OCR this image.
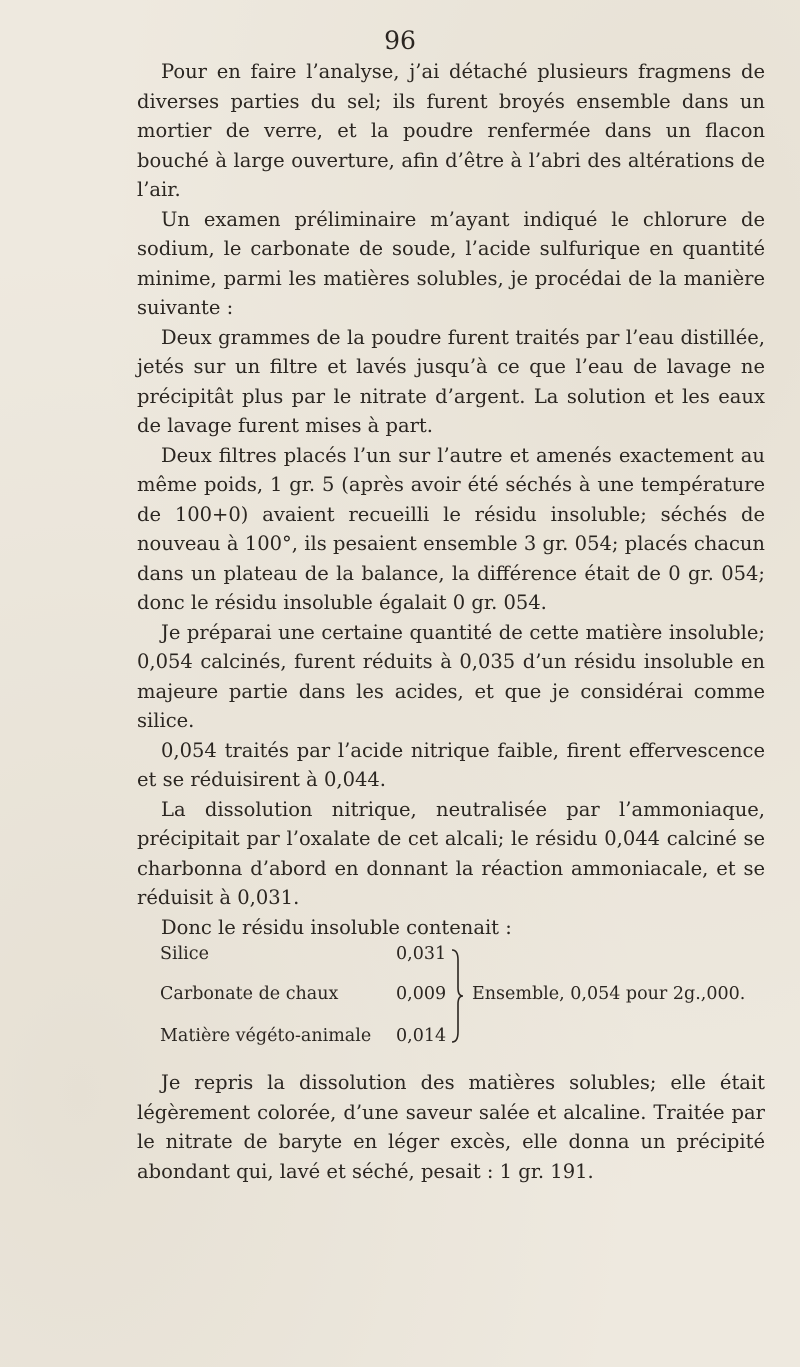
96

Pour en faire l’analyse, j’ai détaché plusieurs fragmens de diverses parties du sel; ils furent broyés ensemble dans un mortier de verre, et la poudre renfermée dans un flacon bouché à large ouverture, afin d’être à l’abri des altérations de l’air.

Un examen préliminaire m’ayant indiqué le chlorure de sodium, le carbonate de soude, l’acide sulfurique en quantité minime, parmi les matières solubles, je procédai de la manière suivante :

Deux grammes de la poudre furent traités par l’eau distillée, jetés sur un filtre et lavés jusqu’à ce que l’eau de lavage ne précipitât plus par le nitrate d’argent. La solution et les eaux de lavage furent mises à part.

Deux filtres placés l’un sur l’autre et amenés exactement au même poids, 1 gr. 5 (après avoir été séchés à une température de 100+0) avaient recueilli le résidu insoluble; séchés de nouveau à 100°, ils pesaient ensemble 3 gr. 054; placés chacun dans un plateau de la balance, la différence était de 0 gr. 054; donc le résidu insoluble égalait 0 gr. 054.

Je préparai une certaine quantité de cette matière insoluble; 0,054 calcinés, furent réduits à 0,035 d’un résidu insoluble en majeure partie dans les acides, et que je considérai comme silice.

0,054 traités par l’acide nitrique faible, firent effervescence et se réduisirent à 0,044.

La dissolution nitrique, neutralisée par l’ammoniaque, précipitait par l’oxalate de cet alcali; le résidu 0,044 calciné se charbonna d’abord en donnant la réaction ammoniacale, et se réduisit à 0,031.

Donc le résidu insoluble contenait :

Silice	0,031
Carbonate de chaux	0,009
Matière végéto-animale 0,014
Ensemble, 0,054 pour 2g.,000.

Je repris la dissolution des matières solubles; elle était légèrement colorée, d’une saveur salée et alcaline. Traitée par le nitrate de baryte en léger excès, elle donna un précipité abondant qui, lavé et séché, pesait : 1 gr. 191.
